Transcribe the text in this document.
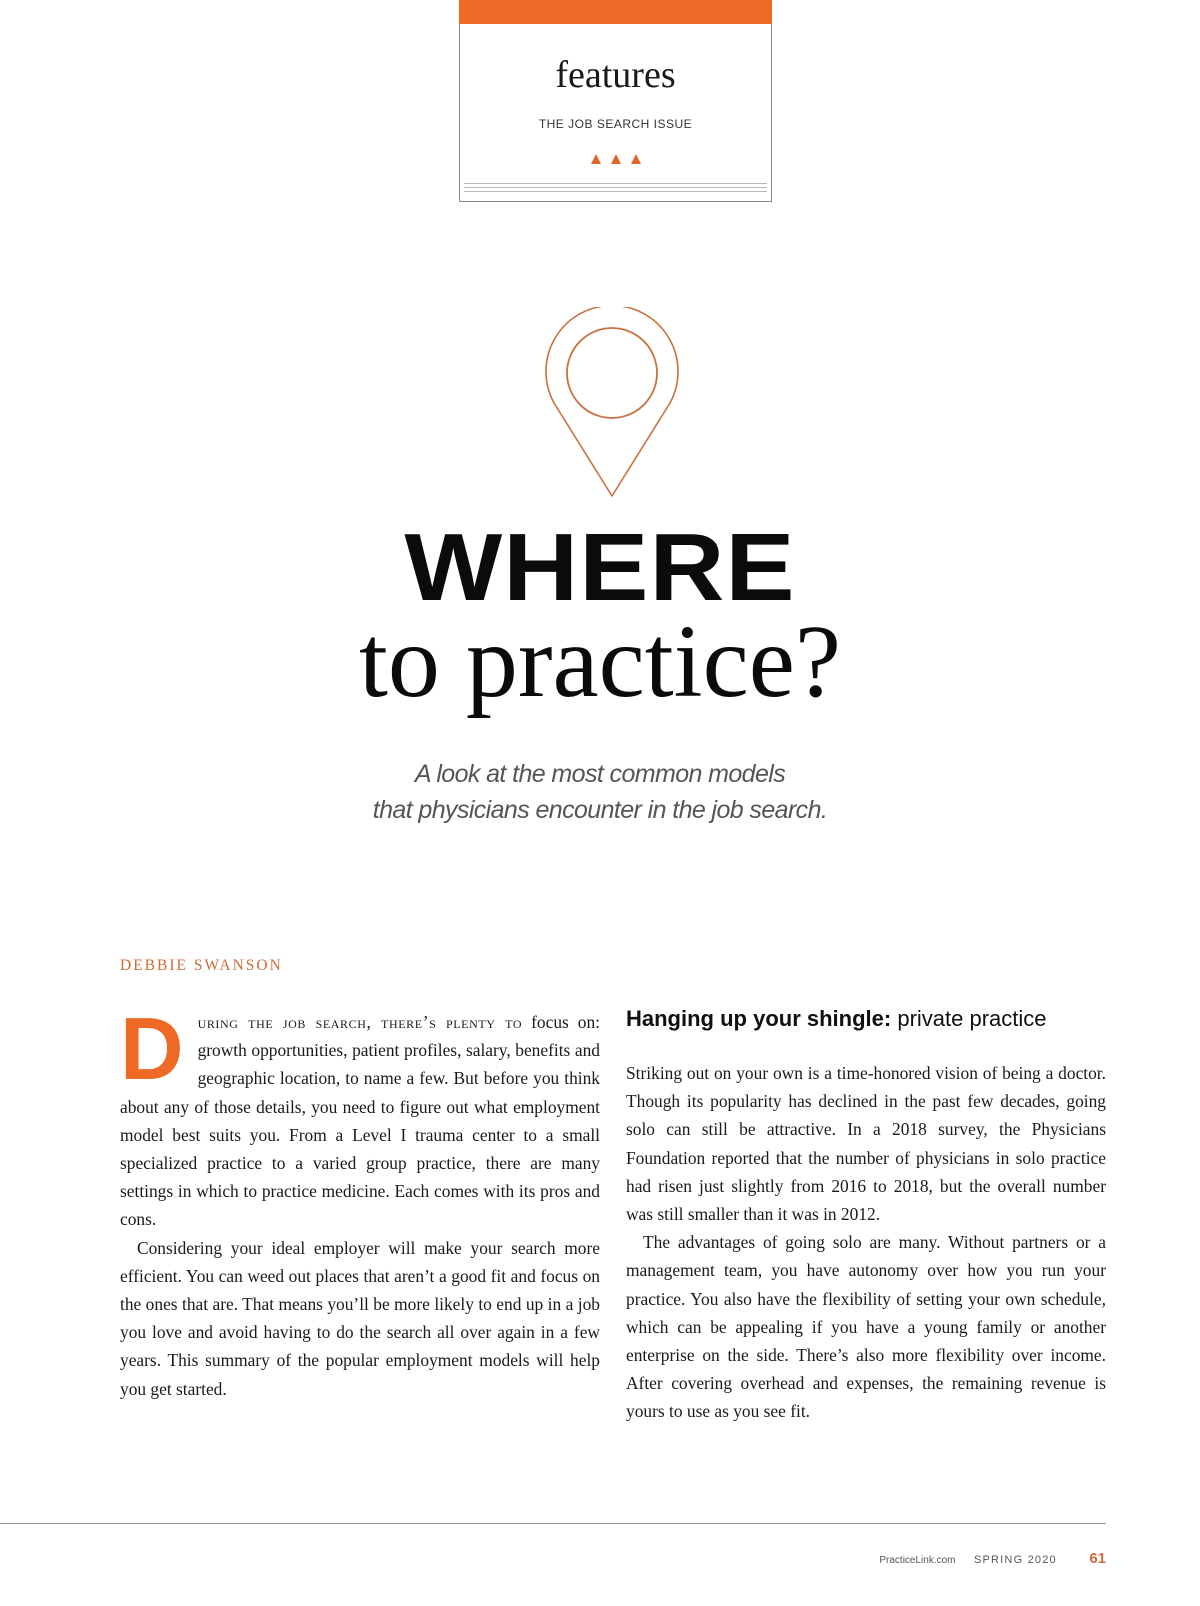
features
THE JOB SEARCH ISSUE
WHERE
to practice?
A look at the most common models
that physicians encounter in the job search.
DEBBIE SWANSON

During the job search, there’s plenty to focus on: growth opportunities, patient profiles, salary, benefits and geographic location, to name a few. But before you think about any of those details, you need to figure out what employment model best suits you. From a Level I trauma center to a small specialized practice to a varied group practice, there are many settings in which to practice medicine. Each comes with its pros and cons.

Considering your ideal employer will make your search more efficient. You can weed out places that aren’t a good fit and focus on the ones that are. That means you’ll be more likely to end up in a job you love and avoid having to do the search all over again in a few years. This summary of the popular employment models will help you get started.

Hanging up your shingle: private practice

Striking out on your own is a time-honored vision of being a doctor. Though its popularity has declined in the past few decades, going solo can still be attractive. In a 2018 survey, the Physicians Foundation reported that the number of physicians in solo practice had risen just slightly from 2016 to 2018, but the overall number was still smaller than it was in 2012.

The advantages of going solo are many. Without partners or a management team, you have autonomy over how you run your practice. You also have the flexibility of setting your own schedule, which can be appealing if you have a young family or another enterprise on the side. There’s also more flexibility over income. After covering overhead and expenses, the remaining revenue is yours to use as you see fit.

PracticeLink.com SPRING 2020 61
